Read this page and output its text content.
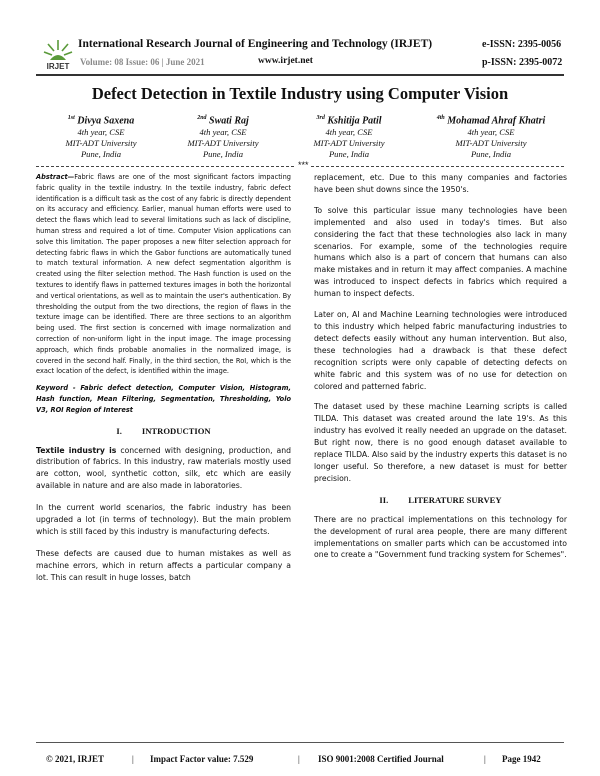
IRJET
International Research Journal of Engineering and Technology (IRJET)	e-ISSN: 2395-0056
Volume: 08 Issue: 06 | June 2021	www.irjet.net	p-ISSN: 2395-0072
Defect Detection in Textile Industry using Computer Vision
$^{1st}$ Divya Saxena
4th year, CSE
MIT-ADT University
Pune, India
$^{2nd}$ Swati Raj
4th year, CSE
MIT-ADT University
Pune, India
$^{3rd}$ Kshitija Patil
4th year, CSE
MIT-ADT University
Pune, India
$^{4th}$ Mohamad Ahraf Khatri
4th year, CSE
MIT-ADT University
Pune, India
***
Abstract—Fabric flaws are one of the most significant factors impacting fabric quality in the textile industry. In the textile industry, fabric defect identification is a difficult task as the cost of any fabric is directly dependent on its accuracy and efficiency. Earlier, manual human efforts were used to detect the flaws which lead to several limitations such as lack of discipline, human stress and required a lot of time. Computer Vision applications can solve this limitation. The paper proposes a new filter selection approach for detecting fabric flaws in which the Gabor functions are automatically tuned to match textural information. A new defect segmentation algorithm is created using the filter selection method. The Hash function is used on the textures to identify flaws in patterned textures images in both the horizontal and vertical orientations, as well as to maintain the user's authentication. By thresholding the output from the two directions, the region of flaws in the texture image can be identified. There are three sections to an algorithm being used. The first section is concerned with image normalization and correction of non-uniform light in the input image. The image processing approach, which finds probable anomalies in the normalized image, is covered in the second half. Finally, in the third section, the RoI, which is the exact location of the defect, is identified within the image.
Keyword - Fabric defect detection, Computer Vision, Histogram, Hash function, Mean Filtering, Segmentation, Thresholding, Yolo V3, ROI Region of Interest
I. INTRODUCTION
Textile industry is concerned with designing, production, and distribution of fabrics. In this industry, raw materials mostly used are cotton, wool, synthetic cotton, silk, etc which are easily available in nature and are also made in laboratories.
In the current world scenarios, the fabric industry has been upgraded a lot (in terms of technology). But the main problem which is still faced by this industry is manufacturing defects.
These defects are caused due to human mistakes as well as machine errors, which in return affects a particular company a lot. This can result in huge losses, batch
replacement, etc. Due to this many companies and factories have been shut downs since the 1950's.
To solve this particular issue many technologies have been implemented and also used in today's times. But also considering the fact that these technologies also lack in many scenarios. For example, some of the technologies require humans which also is a part of concern that humans can also make mistakes and in return it may affect companies. A machine was introduced to inspect defects in fabrics which required a human to inspect defects.
Later on, AI and Machine Learning technologies were introduced to this industry which helped fabric manufacturing industries to detect defects easily without any human intervention. But also, these technologies had a drawback is that these defect recognition scripts were only capable of detecting defects on white fabric and this system was of no use for detection on colored and patterned fabric.
The dataset used by these machine Learning scripts is called TILDA. This dataset was created around the late 19's. As this industry has evolved it really needed an upgrade on the dataset. But right now, there is no good enough dataset available to replace TILDA. Also said by the industry experts this dataset is no longer useful. So therefore, a new dataset is must for better precision.
II. LITERATURE SURVEY
There are no practical implementations on this technology for the development of rural area people, there are many different implementations on smaller parts which can be accustomed into one to create a "Government fund tracking system for Schemes".
© 2021, IRJET	| Impact Factor value: 7.529	| ISO 9001:2008 Certified Journal	| Page 1942
